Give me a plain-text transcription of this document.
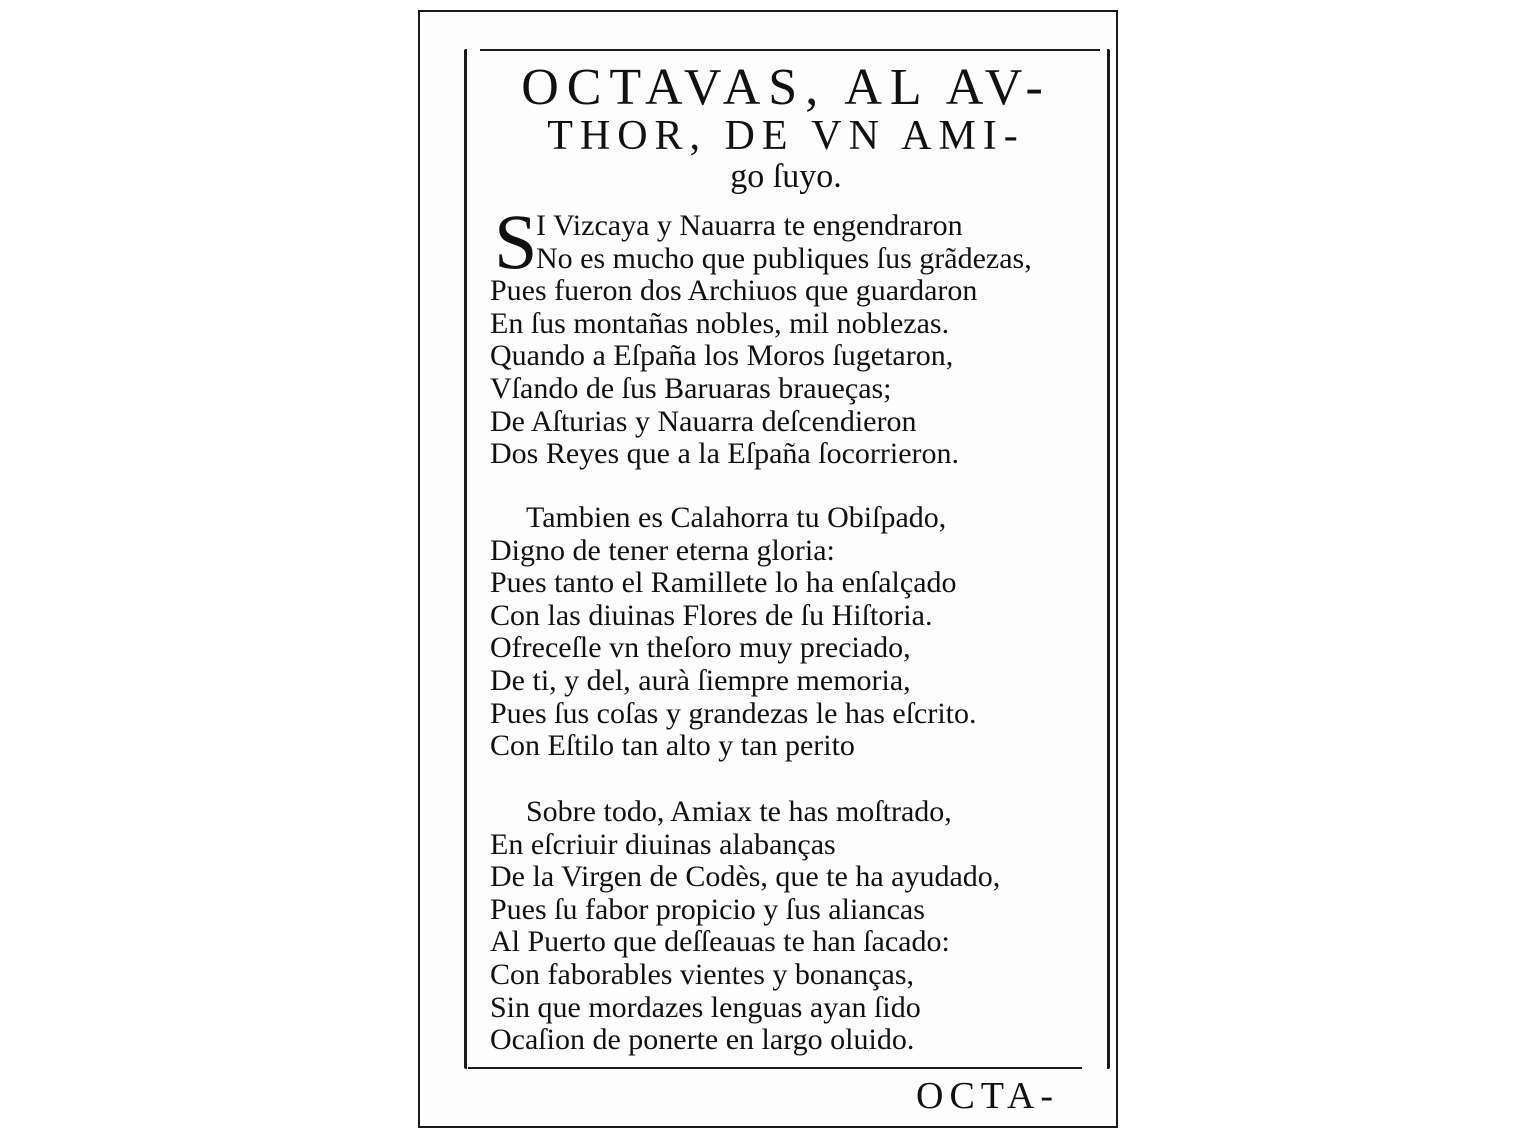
OCTAVAS, AL AV-
THOR, DE VN AMI-
go ſuyo.
S
I Vizcaya y Nauarra te engendraron
No es mucho que publiques ſus grãdezas,
Pues fueron dos Archiuos que guardaron
En ſus montañas nobles, mil noblezas.
Quando a Eſpaña los Moros ſugetaron,
Vſando de ſus Baruaras braueças;
De Aſturias y Nauarra deſcendieron
Dos Reyes que a la Eſpaña ſocorrieron.
Tambien es Calahorra tu Obiſpado,
Digno de tener eterna gloria:
Pues tanto el Ramillete lo ha enſalçado
Con las diuinas Flores de ſu Hiſtoria.
Ofreceſle vn theſoro muy preciado,
De ti, y del, aurà ſiempre memoria,
Pues ſus coſas y grandezas le has eſcrito.
Con Eſtilo tan alto y tan perito
Sobre todo, Amiax te has moſtrado,
En eſcriuir diuinas alabanças
De la Virgen de Codès, que te ha ayudado,
Pues ſu fabor propicio y ſus aliancas
Al Puerto que deſſeauas te han ſacado:
Con faborables vientes y bonanças,
Sin que mordazes lenguas ayan ſido
Ocaſion de ponerte en largo oluido.
OCTA-
